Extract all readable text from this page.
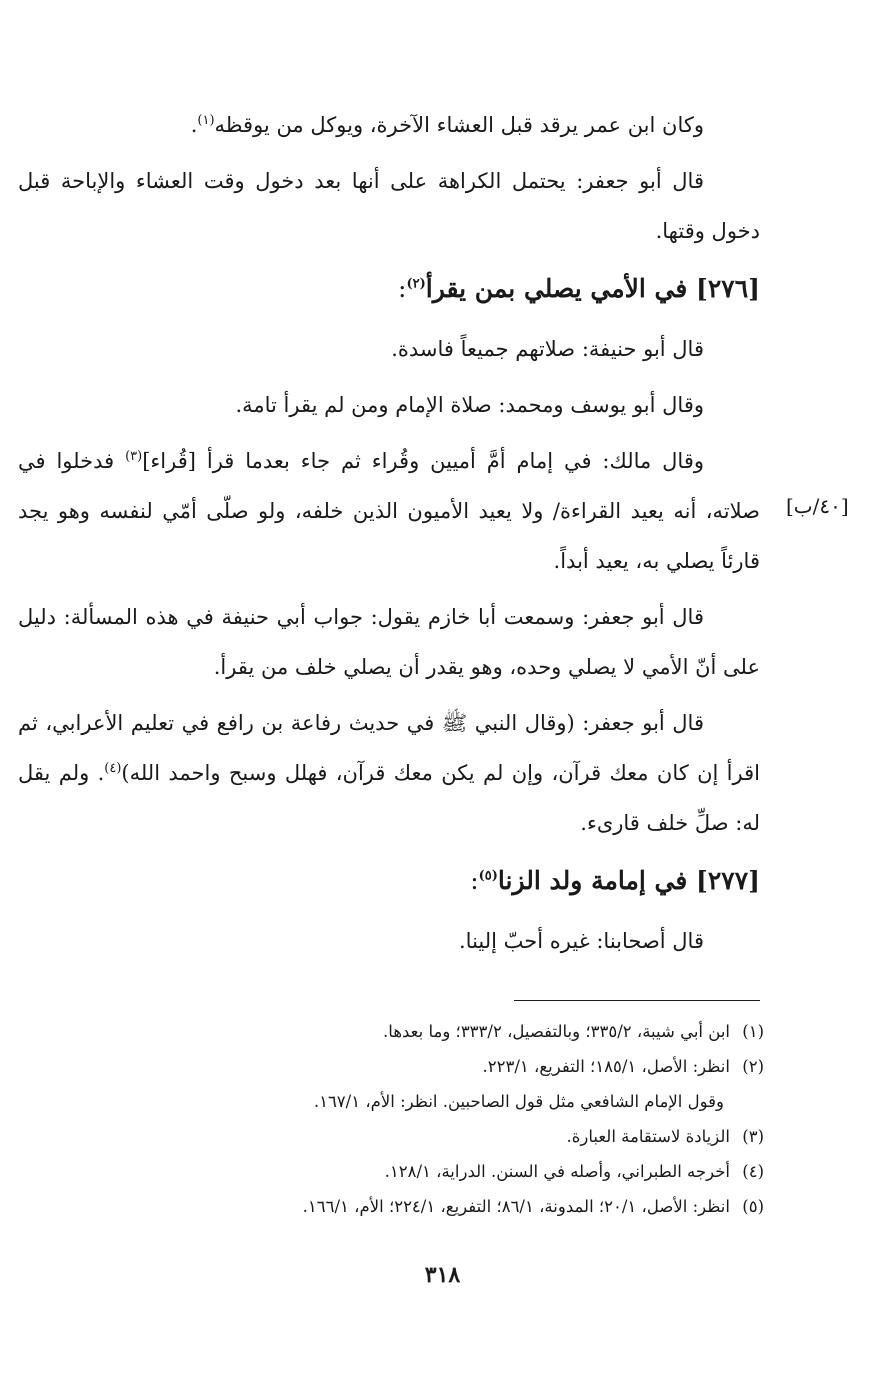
وكان ابن عمر يرقد قبل العشاء الآخرة، ويوكل من يوقظه$^{(١)}$.

قال أبو جعفر: يحتمل الكراهة على أنها بعد دخول وقت العشاء والإباحة قبل دخول وقتها.

[٢٧٦] في الأمي يصلي بمن يقرأ$^{(٢)}$:

قال أبو حنيفة: صلاتهم جميعاً فاسدة.

وقال أبو يوسف ومحمد: صلاة الإمام ومن لم يقرأ تامة.

وقال مالك: في إمام أمَّ أميين وقُراء ثم جاء بعدما قرأ [قُراء]$^{(٣)}$ فدخلوا في صلاته، أنه يعيد القراءة/ ولا يعيد الأميون الذين خلفه، ولو صلّى أمّي لنفسه وهو يجد قارئاً يصلي به، يعيد أبداً.

قال أبو جعفر: وسمعت أبا خازم يقول: جواب أبي حنيفة في هذه المسألة: دليل على أنّ الأمي لا يصلي وحده، وهو يقدر أن يصلي خلف من يقرأ.

قال أبو جعفر: (وقال النبي ﷺ في حديث رفاعة بن رافع في تعليم الأعرابي، ثم اقرأ إن كان معك قرآن، وإن لم يكن معك قرآن، فهلل وسبح واحمد الله)$^{(٤)}$. ولم يقل له: صلِّ خلف قارىء.

[٢٧٧] في إمامة ولد الزنا$^{(٥)}$:

قال أصحابنا: غيره أحبّ إلينا.

[٤٠/ب]
(١)
ابن أبي شيبة، ٣٣٥/٢؛ وبالتفصيل، ٣٣٣/٢؛ وما بعدها.
(٢)
انظر: الأصل، ١٨٥/١؛ التفريع، ٢٢٣/١.
وقول الإمام الشافعي مثل قول الصاحبين. انظر: الأم، ١٦٧/١.
(٣)
الزيادة لاستقامة العبارة.
(٤)
أخرجه الطبراني، وأصله في السنن. الدراية، ١٢٨/١.
(٥)
انظر: الأصل، ٢٠/١؛ المدونة، ٨٦/١؛ التفريع، ٢٢٤/١؛ الأم، ١٦٦/١.
٣١٨
